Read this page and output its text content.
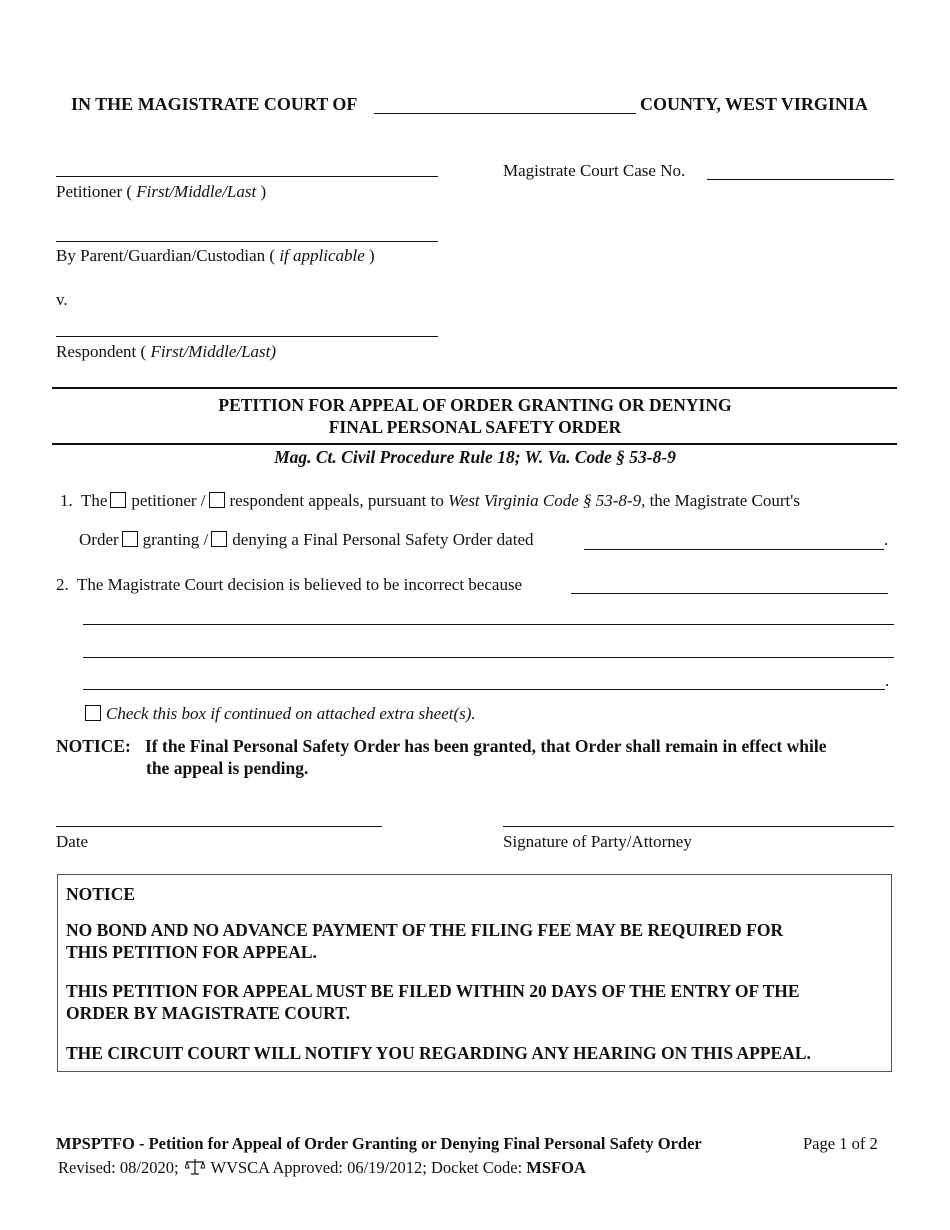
IN THE MAGISTRATE COURT OF	COUNTY, WEST VIRGINIA
Petitioner ( First/Middle/Last )
By Parent/Guardian/Custodian ( if applicable )
v.
Respondent ( First/Middle/Last)
Magistrate Court Case No.
PETITION FOR APPEAL OF ORDER GRANTING OR DENYING
FINAL PERSONAL SAFETY ORDER
Mag. Ct. Civil Procedure Rule 18; W. Va. Code § 53-8-9
1. The petitioner / respondent appeals, pursuant to West Virginia Code § 53-8-9, the Magistrate Court's
Order granting / denying a Final Personal Safety Order dated	.
2. The Magistrate Court decision is believed to be incorrect because
.
Check this box if continued on attached extra sheet(s).
NOTICE: If the Final Personal Safety Order has been granted, that Order shall remain in effect while
the appeal is pending.
Date	Signature of Party/Attorney

NOTICE

NO BOND AND NO ADVANCE PAYMENT OF THE FILING FEE MAY BE REQUIRED FOR

THIS PETITION FOR APPEAL.

THIS PETITION FOR APPEAL MUST BE FILED WITHIN 20 DAYS OF THE ENTRY OF THE

ORDER BY MAGISTRATE COURT.

THE CIRCUIT COURT WILL NOTIFY YOU REGARDING ANY HEARING ON THIS APPEAL.

MPSPTFO - Petition for Appeal of Order Granting or Denying Final Personal Safety Order	Page 1 of 2
Revised: 08/2020; WVSCA Approved: 06/19/2012; Docket Code: MSFOA
